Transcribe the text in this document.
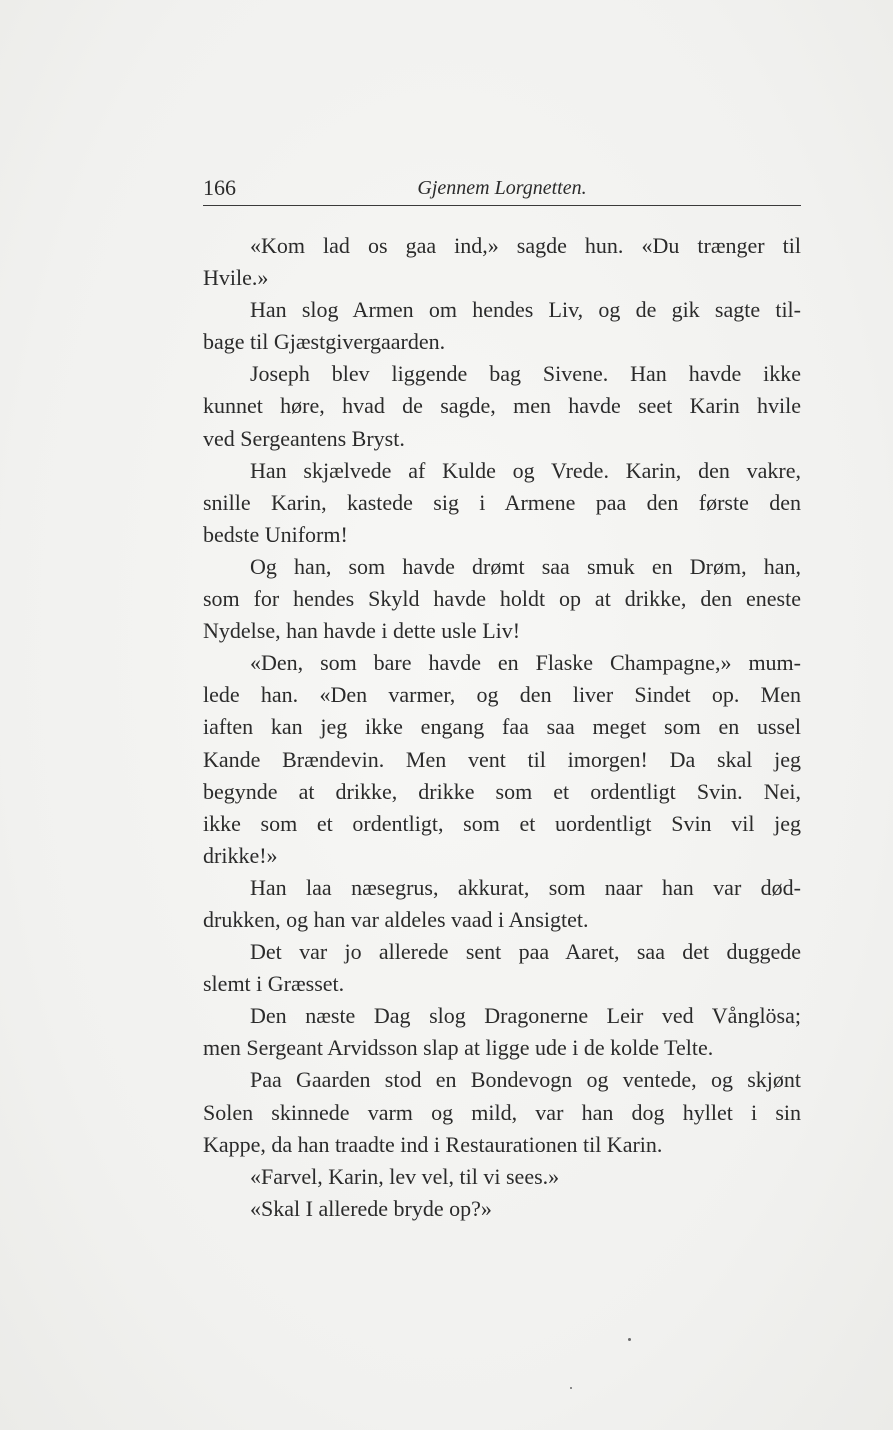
166	Gjennem Lorgnetten.
«Kom lad os gaa ind,» sagde hun. «Du trænger til
Hvile.»
Han slog Armen om hendes Liv, og de gik sagte til-
bage til Gjæstgivergaarden.
Joseph blev liggende bag Sivene. Han havde ikke
kunnet høre, hvad de sagde, men havde seet Karin hvile
ved Sergeantens Bryst.
Han skjælvede af Kulde og Vrede. Karin, den vakre,
snille Karin, kastede sig i Armene paa den første den
bedste Uniform!
Og han, som havde drømt saa smuk en Drøm, han,
som for hendes Skyld havde holdt op at drikke, den eneste
Nydelse, han havde i dette usle Liv!
«Den, som bare havde en Flaske Champagne,» mum-
lede han. «Den varmer, og den liver Sindet op. Men
iaften kan jeg ikke engang faa saa meget som en ussel
Kande Brændevin. Men vent til imorgen! Da skal jeg
begynde at drikke, drikke som et ordentligt Svin. Nei,
ikke som et ordentligt, som et uordentligt Svin vil jeg
drikke!»
Han laa næsegrus, akkurat, som naar han var død-
drukken, og han var aldeles vaad i Ansigtet.
Det var jo allerede sent paa Aaret, saa det duggede
slemt i Græsset.
Den næste Dag slog Dragonerne Leir ved Vånglösa;
men Sergeant Arvidsson slap at ligge ude i de kolde Telte.
Paa Gaarden stod en Bondevogn og ventede, og skjønt
Solen skinnede varm og mild, var han dog hyllet i sin
Kappe, da han traadte ind i Restaurationen til Karin.
«Farvel, Karin, lev vel, til vi sees.»
«Skal I allerede bryde op?»
